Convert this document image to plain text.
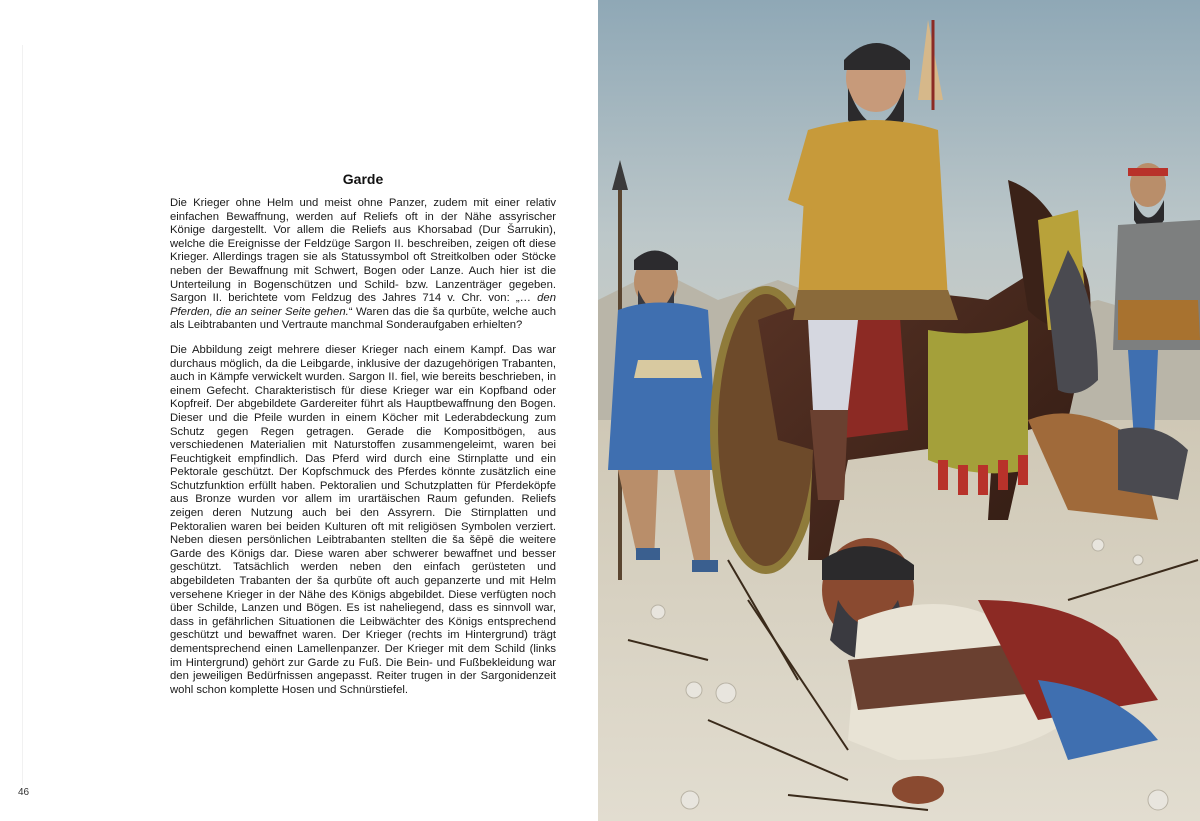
Garde

Die Krieger ohne Helm und meist ohne Panzer, zudem mit einer relativ einfachen Bewaffnung, werden auf Reliefs oft in der Nähe assyrischer Könige dargestellt. Vor allem die Reliefs aus Khorsabad (Dur Šarrukin), welche die Ereignisse der Feldzüge Sargon II. beschreiben, zeigen oft diese Krieger. Allerdings tragen sie als Statussymbol oft Streitkolben oder Stöcke neben der Bewaffnung mit Schwert, Bogen oder Lanze. Auch hier ist die Unterteilung in Bogenschützen und Schild- bzw. Lanzenträger gegeben. Sargon II. berichtete vom Feldzug des Jahres 714 v. Chr. von: „… den Pferden, die an seiner Seite gehen.“ Waren das die ša qurbūte, welche auch als Leibtrabanten und Vertraute manchmal Sonderaufgaben erhielten?

Die Abbildung zeigt mehrere dieser Krieger nach einem Kampf. Das war durchaus möglich, da die Leibgarde, inklusive der dazugehörigen Trabanten, auch in Kämpfe verwickelt wurden. Sargon II. fiel, wie bereits beschrieben, in einem Gefecht. Charakteristisch für diese Krieger war ein Kopfband oder Kopfreif. Der abgebildete Gardereiter führt als Hauptbewaffnung den Bogen. Dieser und die Pfeile wurden in einem Köcher mit Lederabdeckung zum Schutz gegen Regen getragen. Gerade die Kompositbögen, aus verschiedenen Materialien mit Naturstoffen zusammengeleimt, waren bei Feuchtigkeit empfindlich. Das Pferd wird durch eine Stirnplatte und ein Pektorale geschützt. Der Kopfschmuck des Pferdes könnte zusätzlich eine Schutzfunktion erfüllt haben. Pektoralien und Schutzplatten für Pferdeköpfe aus Bronze wurden vor allem im urartäischen Raum gefunden. Reliefs zeigen deren Nutzung auch bei den Assyrern. Die Stirnplatten und Pektoralien waren bei beiden Kulturen oft mit religiösen Symbolen verziert. Neben diesen persönlichen Leibtrabanten stellten die ša šēpē die weitere Garde des Königs dar. Diese waren aber schwerer bewaffnet und besser geschützt. Tatsächlich werden neben den einfach gerüsteten und abgebildeten Trabanten der ša qurbūte oft auch gepanzerte und mit Helm versehene Krieger in der Nähe des Königs abgebildet. Diese verfügten noch über Schilde, Lanzen und Bögen. Es ist naheliegend, dass es sinnvoll war, dass in gefährlichen Situationen die Leibwächter des Königs entsprechend geschützt und bewaffnet waren. Der Krieger (rechts im Hintergrund) trägt dementsprechend einen Lamellenpanzer. Der Krieger mit dem Schild (links im Hintergrund) gehört zur Garde zu Fuß. Die Bein- und Fußbekleidung war den jeweiligen Bedürfnissen angepasst. Reiter trugen in der Sargonidenzeit wohl schon komplette Hosen und Schnürstiefel.

46
